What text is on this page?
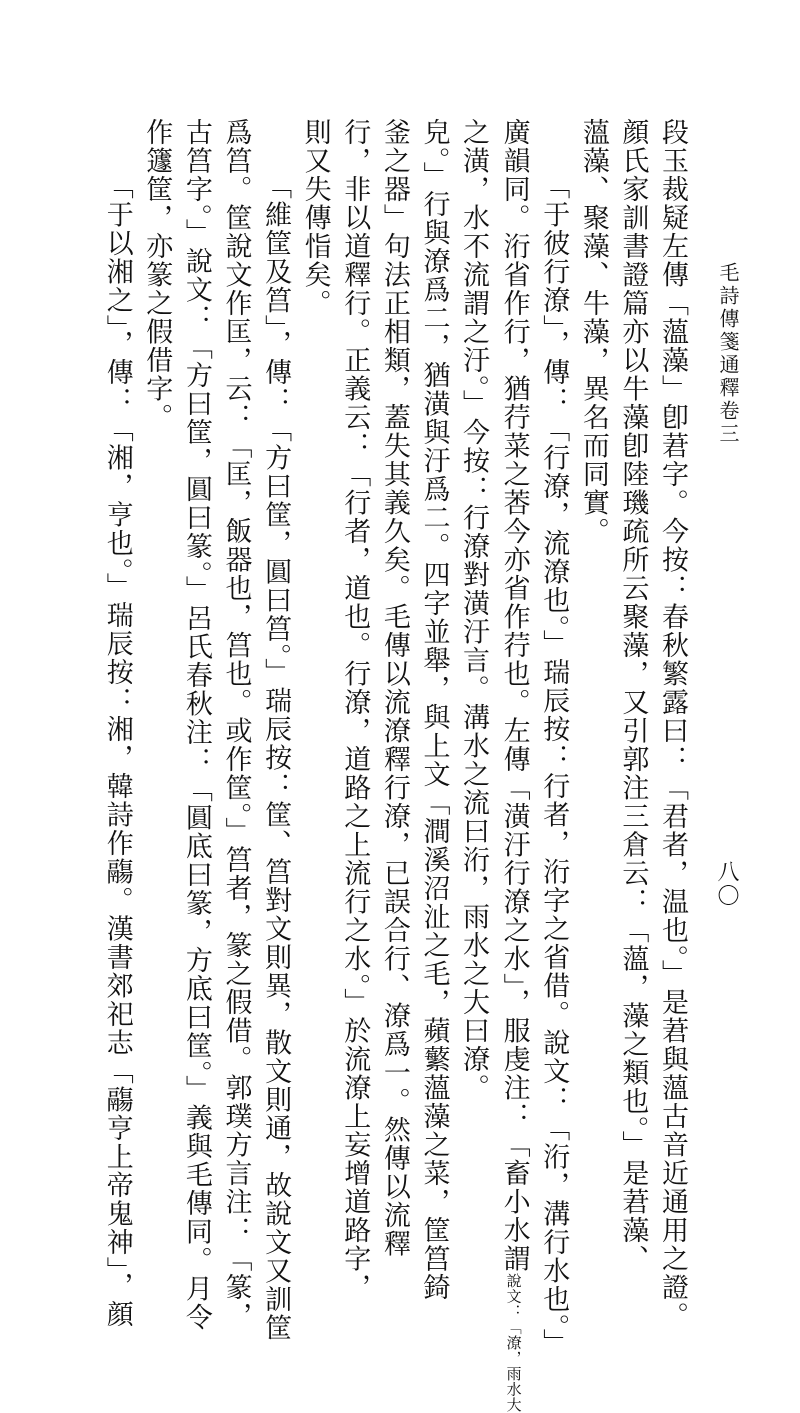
毛詩傳箋通釋卷三
八〇
段玉裁疑左傳「薀藻」卽莙字。今按：春秋繁露曰：「君者，温也。」是莙與薀古音近通用之證。
顔氏家訓書證篇亦以牛藻卽陸璣疏所云聚藻，又引郭注三倉云：「薀，藻之類也。」是莙藻、
薀藻、聚藻、牛藻，異名而同實。
「于彼行潦」，傳：「行潦，流潦也。」瑞辰按：行者，洐字之省借。說文：「洐，溝行水也。」
廣韻同。洐省作行，猶荇菜之莕今亦省作荇也。左傳「潢汙行潦之水」，服虔注：「畜小水謂說文：「潦，雨水大
之潢，水不流謂之汙。」今按：行潦對潢汙言。溝水之流曰洐，雨水之大曰潦。
皃。」行與潦爲二，猶潢與汙爲二。四字並舉，與上文「澗溪沼沚之毛，蘋蘩薀藻之菜，筐筥錡
釜之器」句法正相類，蓋失其義久矣。毛傳以流潦釋行潦，已誤合行、潦爲一。然傳以流釋
行，非以道釋行。正義云：「行者，道也。行潦，道路之上流行之水。」於流潦上妄增道路字，
則又失傳恉矣。
「維筐及筥」，傳：「方曰筐，圓曰筥。」瑞辰按：筐、筥對文則異，散文則通，故說文又訓筐
爲筥。筐說文作匡，云：「匡，飯器也，筥也。或作筐。」筥者，篆之假借。郭璞方言注：「篆，
古筥字。」說文：「方曰筐，圓曰篆。」呂氏春秋注：「圓底曰篆，方底曰筐。」義與毛傳同。月令
作籧筐，亦篆之假借字。
「于以湘之」，傳：「湘，亨也。」瑞辰按：湘，韓詩作鬺。漢書郊祀志「鬺亨上帝鬼神」，顔
